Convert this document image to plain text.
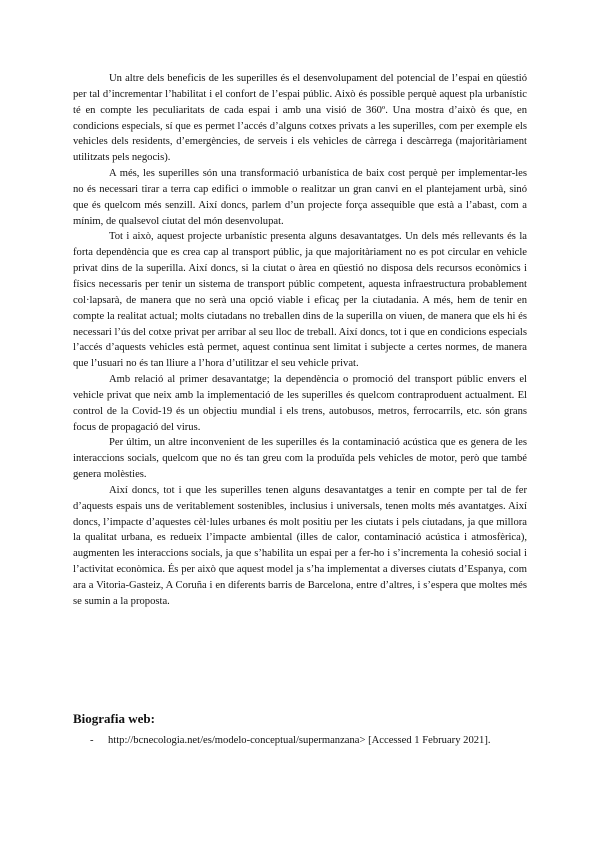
Un altre dels beneficis de les superilles és el desenvolupament del potencial de l’espai en qüestió per tal d’incrementar l’habilitat i el confort de l’espai públic. Això és possible perquè aquest pla urbanístic té en compte les peculiaritats de cada espai i amb una visió de 360º. Una mostra d’això és que, en condicions especials, sí que es permet l’accés d’alguns cotxes privats a les superilles, com per exemple els vehicles dels residents, d’emergències, de serveis i els vehicles de càrrega i descàrrega (majoritàriament utilitzats pels negocis).

A més, les superilles són una transformació urbanística de baix cost perquè per implementar-les no és necessari tirar a terra cap edifici o immoble o realitzar un gran canvi en el plantejament urbà, sinó que és quelcom més senzill. Així doncs, parlem d’un projecte força assequible que està a l’abast, com a mínim, de qualsevol ciutat del món desenvolupat.

Tot i això, aquest projecte urbanístic presenta alguns desavantatges. Un dels més rellevants és la forta dependència que es crea cap al transport públic, ja que majoritàriament no es pot circular en vehicle privat dins de la superilla. Així doncs, si la ciutat o àrea en qüestió no disposa dels recursos econòmics i físics necessaris per tenir un sistema de transport públic competent, aquesta infraestructura probablement col·lapsarà, de manera que no serà una opció viable i eficaç per la ciutadania. A més, hem de tenir en compte la realitat actual; molts ciutadans no treballen dins de la superilla on viuen, de manera que els hi és necessari l’ús del cotxe privat per arribar al seu lloc de treball. Així doncs, tot i que en condicions especials l’accés d’aquests vehicles està permet, aquest continua sent limitat i subjecte a certes normes, de manera que l’usuari no és tan lliure a l’hora d’utilitzar el seu vehicle privat.

Amb relació al primer desavantatge; la dependència o promoció del transport públic envers el vehicle privat que neix amb la implementació de les superilles és quelcom contraproduent actualment. El control de la Covid-19 és un objectiu mundial i els trens, autobusos, metros, ferrocarrils, etc. són grans focus de propagació del virus.

Per últim, un altre inconvenient de les superilles és la contaminació acústica que es genera de les interaccions socials, quelcom que no és tan greu com la produïda pels vehicles de motor, però que també genera molèsties.

Així doncs, tot i que les superilles tenen alguns desavantatges a tenir en compte per tal de fer d’aquests espais uns de veritablement sostenibles, inclusius i universals, tenen molts més avantatges. Així doncs, l’impacte d’aquestes cèl·lules urbanes és molt positiu per les ciutats i pels ciutadans, ja que millora la qualitat urbana, es redueix l’impacte ambiental (illes de calor, contaminació acústica i atmosfèrica), augmenten les interaccions socials, ja que s’habilita un espai per a fer-ho i s’incrementa la cohesió social i l’activitat econòmica. És per això que aquest model ja s’ha implementat a diverses ciutats d’Espanya, com ara a Vitoria-Gasteiz, A Coruña i en diferents barris de Barcelona, entre d’altres, i s’espera que moltes més se sumin a la proposta.

Biografia web:
- http://bcnecologia.net/es/modelo-conceptual/supermanzana> [Accessed 1 February 2021].
